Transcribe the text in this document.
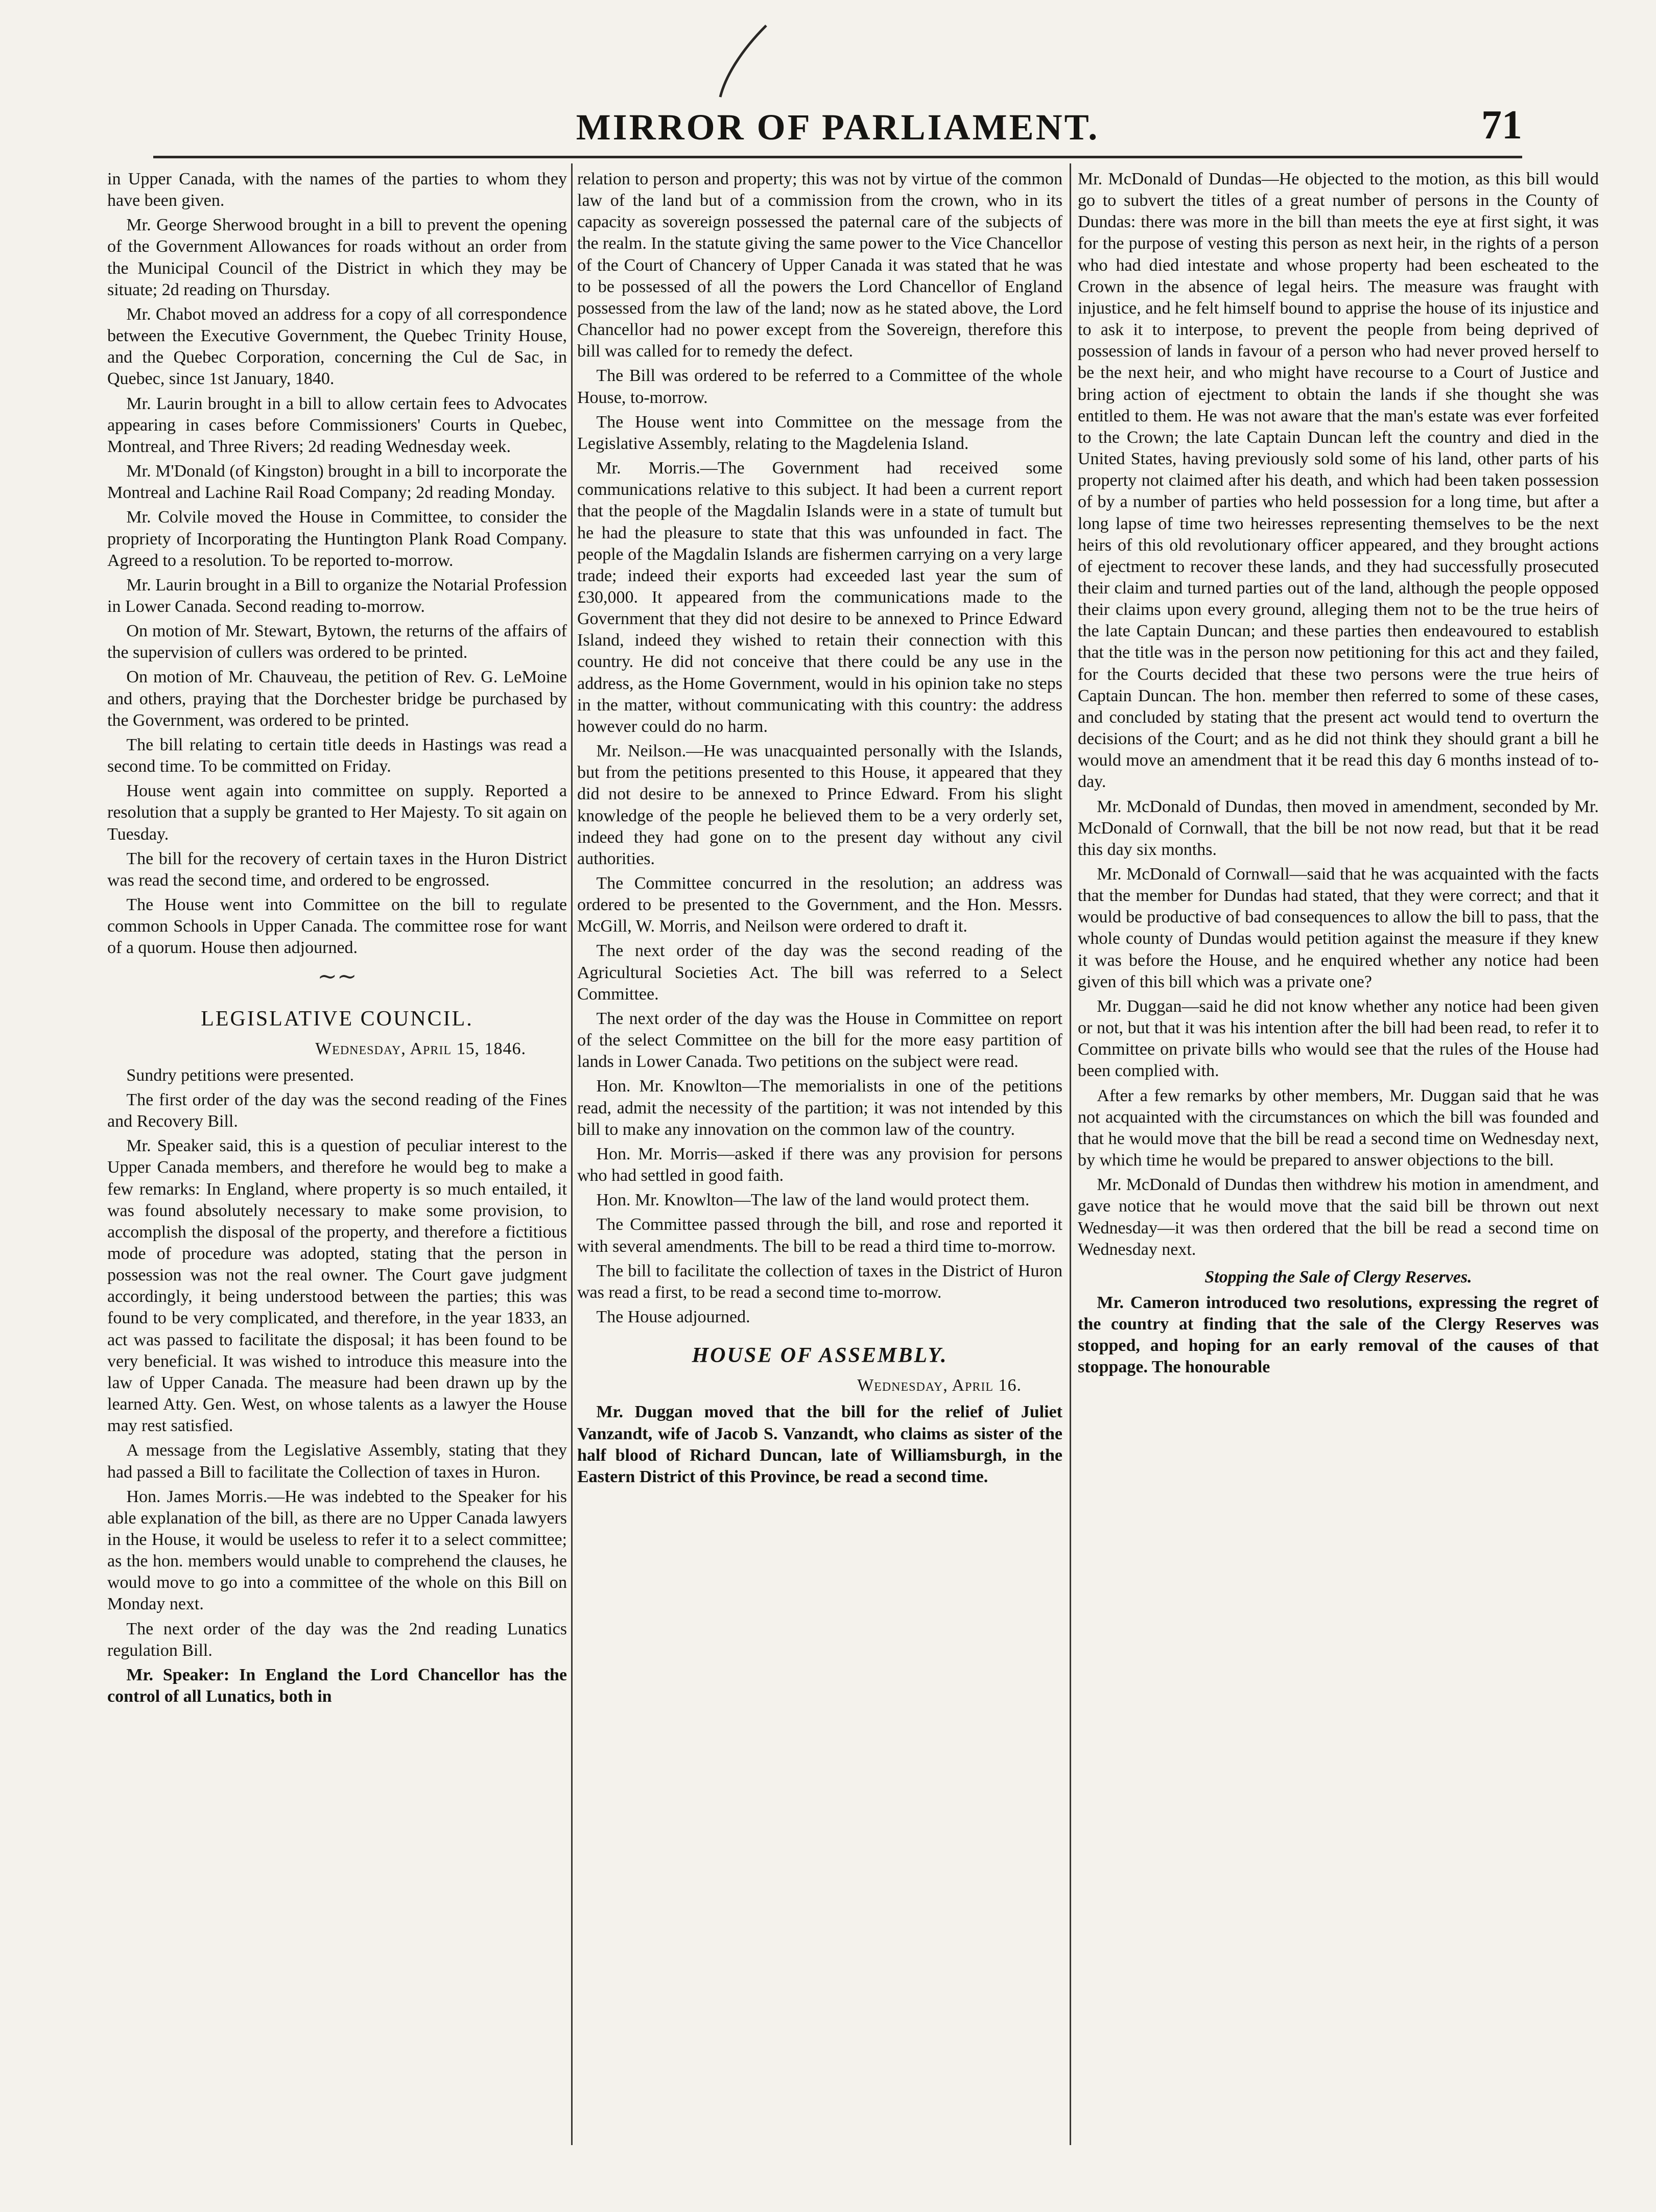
MIRROR OF PARLIAMENT.	71

in Upper Canada, with the names of the parties to whom they have been given.

Mr. George Sherwood brought in a bill to prevent the opening of the Government Allowances for roads without an order from the Municipal Council of the District in which they may be situate; 2d reading on Thursday.

Mr. Chabot moved an address for a copy of all correspondence between the Executive Government, the Quebec Trinity House, and the Quebec Corporation, concerning the Cul de Sac, in Quebec, since 1st January, 1840.

Mr. Laurin brought in a bill to allow certain fees to Advocates appearing in cases before Commissioners' Courts in Quebec, Montreal, and Three Rivers; 2d reading Wednesday week.

Mr. M'Donald (of Kingston) brought in a bill to incorporate the Montreal and Lachine Rail Road Company; 2d reading Monday.

Mr. Colvile moved the House in Committee, to consider the propriety of Incorporating the Huntington Plank Road Company. Agreed to a resolution. To be reported to-morrow.

Mr. Laurin brought in a Bill to organize the Notarial Profession in Lower Canada. Second reading to-morrow.

On motion of Mr. Stewart, Bytown, the returns of the affairs of the supervision of cullers was ordered to be printed.

On motion of Mr. Chauveau, the petition of Rev. G. LeMoine and others, praying that the Dorchester bridge be purchased by the Government, was ordered to be printed.

The bill relating to certain title deeds in Hastings was read a second time. To be committed on Friday.

House went again into committee on supply. Reported a resolution that a supply be granted to Her Majesty. To sit again on Tuesday.

The bill for the recovery of certain taxes in the Huron District was read the second time, and ordered to be engrossed.

The House went into Committee on the bill to regulate common Schools in Upper Canada. The committee rose for want of a quorum. House then adjourned.

~~
LEGISLATIVE COUNCIL.
Wednesday, April 15, 1846.

Sundry petitions were presented.

The first order of the day was the second reading of the Fines and Recovery Bill.

Mr. Speaker said, this is a question of peculiar interest to the Upper Canada members, and therefore he would beg to make a few remarks: In England, where property is so much entailed, it was found absolutely necessary to make some provision, to accomplish the disposal of the property, and therefore a fictitious mode of procedure was adopted, stating that the person in possession was not the real owner. The Court gave judgment accordingly, it being understood between the parties; this was found to be very complicated, and therefore, in the year 1833, an act was passed to facilitate the disposal; it has been found to be very beneficial. It was wished to introduce this measure into the law of Upper Canada. The measure had been drawn up by the learned Atty. Gen. West, on whose talents as a lawyer the House may rest satisfied.

A message from the Legislative Assembly, stating that they had passed a Bill to facilitate the Collection of taxes in Huron.

Hon. James Morris.—He was indebted to the Speaker for his able explanation of the bill, as there are no Upper Canada lawyers in the House, it would be useless to refer it to a select committee; as the hon. members would unable to comprehend the clauses, he would move to go into a committee of the whole on this Bill on Monday next.

The next order of the day was the 2nd reading Lunatics regulation Bill.

Mr. Speaker: In England the Lord Chancellor has the control of all Lunatics, both in

relation to person and property; this was not by virtue of the common law of the land but of a commission from the crown, who in its capacity as sovereign possessed the paternal care of the subjects of the realm. In the statute giving the same power to the Vice Chancellor of the Court of Chancery of Upper Canada it was stated that he was to be possessed of all the powers the Lord Chancellor of England possessed from the law of the land; now as he stated above, the Lord Chancellor had no power except from the Sovereign, therefore this bill was called for to remedy the defect.

The Bill was ordered to be referred to a Committee of the whole House, to-morrow.

The House went into Committee on the message from the Legislative Assembly, relating to the Magdelenia Island.

Mr. Morris.—The Government had received some communications relative to this subject. It had been a current report that the people of the Magdalin Islands were in a state of tumult but he had the pleasure to state that this was unfounded in fact. The people of the Magdalin Islands are fishermen carrying on a very large trade; indeed their exports had exceeded last year the sum of £30,000. It appeared from the communications made to the Government that they did not desire to be annexed to Prince Edward Island, indeed they wished to retain their connection with this country. He did not conceive that there could be any use in the address, as the Home Government, would in his opinion take no steps in the matter, without communicating with this country: the address however could do no harm.

Mr. Neilson.—He was unacquainted personally with the Islands, but from the petitions presented to this House, it appeared that they did not desire to be annexed to Prince Edward. From his slight knowledge of the people he believed them to be a very orderly set, indeed they had gone on to the present day without any civil authorities.

The Committee concurred in the resolution; an address was ordered to be presented to the Government, and the Hon. Messrs. McGill, W. Morris, and Neilson were ordered to draft it.

The next order of the day was the second reading of the Agricultural Societies Act. The bill was referred to a Select Committee.

The next order of the day was the House in Committee on report of the select Committee on the bill for the more easy partition of lands in Lower Canada. Two petitions on the subject were read.

Hon. Mr. Knowlton—The memorialists in one of the petitions read, admit the necessity of the partition; it was not intended by this bill to make any innovation on the common law of the country.

Hon. Mr. Morris—asked if there was any provision for persons who had settled in good faith.

Hon. Mr. Knowlton—The law of the land would protect them.

The Committee passed through the bill, and rose and reported it with several amendments. The bill to be read a third time to-morrow.

The bill to facilitate the collection of taxes in the District of Huron was read a first, to be read a second time to-morrow.

The House adjourned.

HOUSE OF ASSEMBLY.
Wednesday, April 16.

Mr. Duggan moved that the bill for the relief of Juliet Vanzandt, wife of Jacob S. Vanzandt, who claims as sister of the half blood of Richard Duncan, late of Williamsburgh, in the Eastern District of this Province, be read a second time.

Mr. McDonald of Dundas—He objected to the motion, as this bill would go to subvert the titles of a great number of persons in the County of Dundas: there was more in the bill than meets the eye at first sight, it was for the purpose of vesting this person as next heir, in the rights of a person who had died intestate and whose property had been escheated to the Crown in the absence of legal heirs. The measure was fraught with injustice, and he felt himself bound to apprise the house of its injustice and to ask it to interpose, to prevent the people from being deprived of possession of lands in favour of a person who had never proved herself to be the next heir, and who might have recourse to a Court of Justice and bring action of ejectment to obtain the lands if she thought she was entitled to them. He was not aware that the man's estate was ever forfeited to the Crown; the late Captain Duncan left the country and died in the United States, having previously sold some of his land, other parts of his property not claimed after his death, and which had been taken possession of by a number of parties who held possession for a long time, but after a long lapse of time two heiresses representing themselves to be the next heirs of this old revolutionary officer appeared, and they brought actions of ejectment to recover these lands, and they had successfully prosecuted their claim and turned parties out of the land, although the people opposed their claims upon every ground, alleging them not to be the true heirs of the late Captain Duncan; and these parties then endeavoured to establish that the title was in the person now petitioning for this act and they failed, for the Courts decided that these two persons were the true heirs of Captain Duncan. The hon. member then referred to some of these cases, and concluded by stating that the present act would tend to overturn the decisions of the Court; and as he did not think they should grant a bill he would move an amendment that it be read this day 6 months instead of to-day.

Mr. McDonald of Dundas, then moved in amendment, seconded by Mr. McDonald of Cornwall, that the bill be not now read, but that it be read this day six months.

Mr. McDonald of Cornwall—said that he was acquainted with the facts that the member for Dundas had stated, that they were correct; and that it would be productive of bad consequences to allow the bill to pass, that the whole county of Dundas would petition against the measure if they knew it was before the House, and he enquired whether any notice had been given of this bill which was a private one?

Mr. Duggan—said he did not know whether any notice had been given or not, but that it was his intention after the bill had been read, to refer it to Committee on private bills who would see that the rules of the House had been complied with.

After a few remarks by other members, Mr. Duggan said that he was not acquainted with the circumstances on which the bill was founded and that he would move that the bill be read a second time on Wednesday next, by which time he would be prepared to answer objections to the bill.

Mr. McDonald of Dundas then withdrew his motion in amendment, and gave notice that he would move that the said bill be thrown out next Wednesday—it was then ordered that the bill be read a second time on Wednesday next.

Stopping the Sale of Clergy Reserves.

Mr. Cameron introduced two resolutions, expressing the regret of the country at finding that the sale of the Clergy Reserves was stopped, and hoping for an early removal of the causes of that stoppage. The honourable
